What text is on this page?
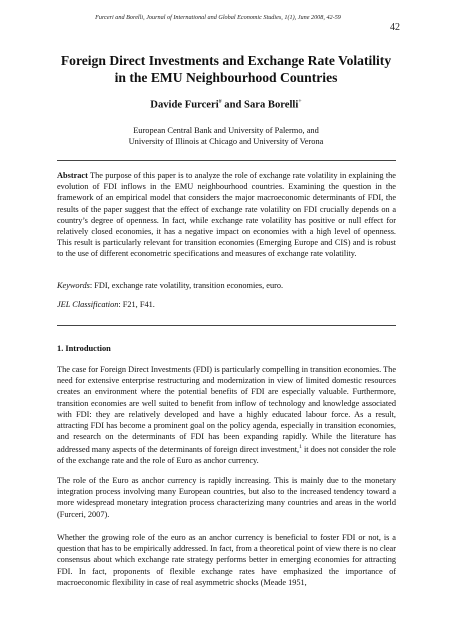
Furceri and Borelli, Journal of International and Global Economic Studies, 1(1), June 2008, 42-59
42
Foreign Direct Investments and Exchange Rate Volatility
in the EMU Neighbourhood Countries
Davide Furceri# and Sara Borelli+
European Central Bank and University of Palermo, and
University of Illinois at Chicago and University of Verona

Abstract The purpose of this paper is to analyze the role of exchange rate volatility in explaining the evolution of FDI inflows in the EMU neighbourhood countries. Examining the question in the framework of an empirical model that considers the major macroeconomic determinants of FDI, the results of the paper suggest that the effect of exchange rate volatility on FDI crucially depends on a country’s degree of openness. In fact, while exchange rate volatility has positive or null effect for relatively closed economies, it has a negative impact on economies with a high level of openness. This result is particularly relevant for transition economies (Emerging Europe and CIS) and is robust to the use of different econometric specifications and measures of exchange rate volatility.

Keywords: FDI, exchange rate volatility, transition economies, euro.

JEL Classification: F21, F41.

1. Introduction

The case for Foreign Direct Investments (FDI) is particularly compelling in transition economies. The need for extensive enterprise restructuring and modernization in view of limited domestic resources creates an environment where the potential benefits of FDI are especially valuable. Furthermore, transition economies are well suited to benefit from inflow of technology and knowledge associated with FDI: they are relatively developed and have a highly educated labour force. As a result, attracting FDI has become a prominent goal on the policy agenda, especially in transition economies, and research on the determinants of FDI has been expanding rapidly. While the literature has addressed many aspects of the determinants of foreign direct investment,$^1$ it does not consider the role of the exchange rate and the role of Euro as anchor currency.

The role of the Euro as anchor currency is rapidly increasing. This is mainly due to the monetary integration process involving many European countries, but also to the increased tendency toward a more widespread monetary integration process characterizing many countries and areas in the world (Furceri, 2007).

Whether the growing role of the euro as an anchor currency is beneficial to foster FDI or not, is a question that has to be empirically addressed. In fact, from a theoretical point of view there is no clear consensus about which exchange rate strategy performs better in emerging economies for attracting FDI. In fact, proponents of flexible exchange rates have emphasized the importance of macroeconomic flexibility in case of real asymmetric shocks (Meade 1951,
